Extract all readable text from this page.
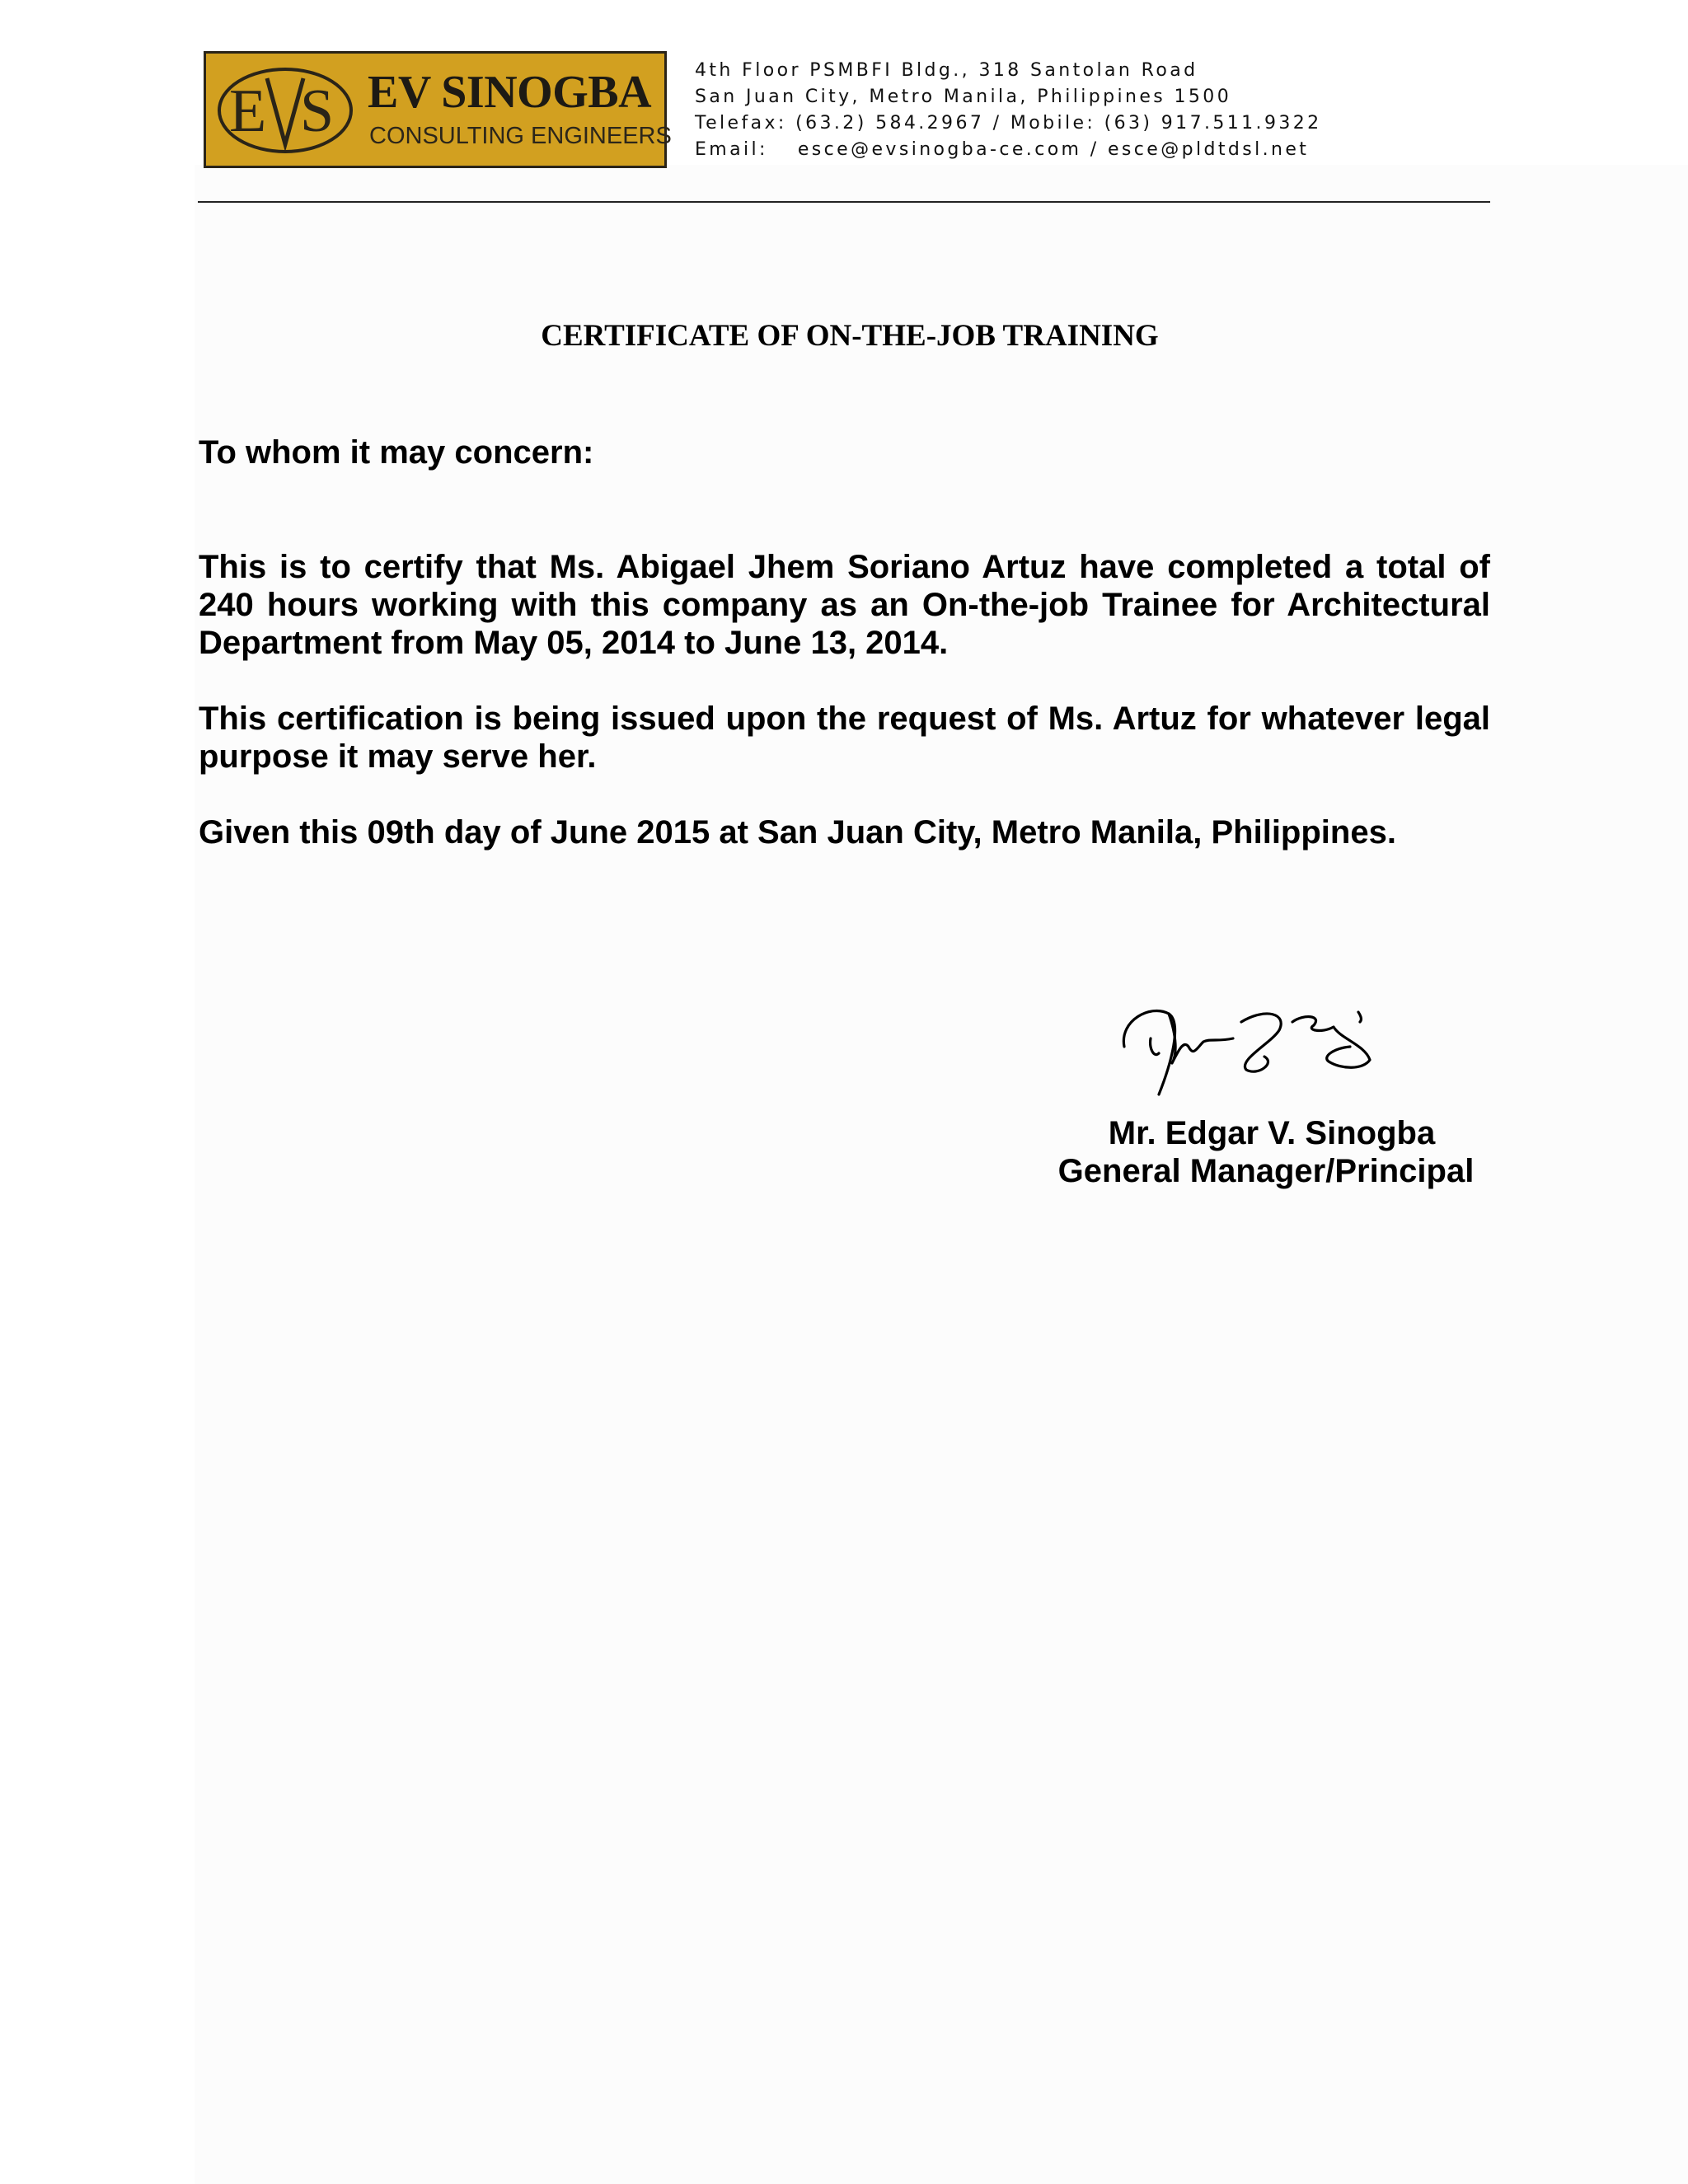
E S EV SINOGBA
CONSULTING ENGINEERS
4th Floor PSMBFI Bldg., 318 Santolan Road
San Juan City, Metro Manila, Philippines 1500
Telefax: (63.2) 584.2967 / Mobile: (63) 917.511.9322
Email: esce@evsinogba-ce.com / esce@pldtdsl.net
CERTIFICATE OF ON-THE-JOB TRAINING

To whom it may concern:

This is to certify that Ms. Abigael Jhem Soriano Artuz have completed a total of 240 hours working with this company as an On-the-job Trainee for Architectural Department from May 05, 2014 to June 13, 2014.

This certification is being issued upon the request of Ms. Artuz for whatever legal purpose it may serve her.

Given this 09th day of June 2015 at San Juan City, Metro Manila, Philippines.

Mr. Edgar V. Sinogba

General Manager/Principal
